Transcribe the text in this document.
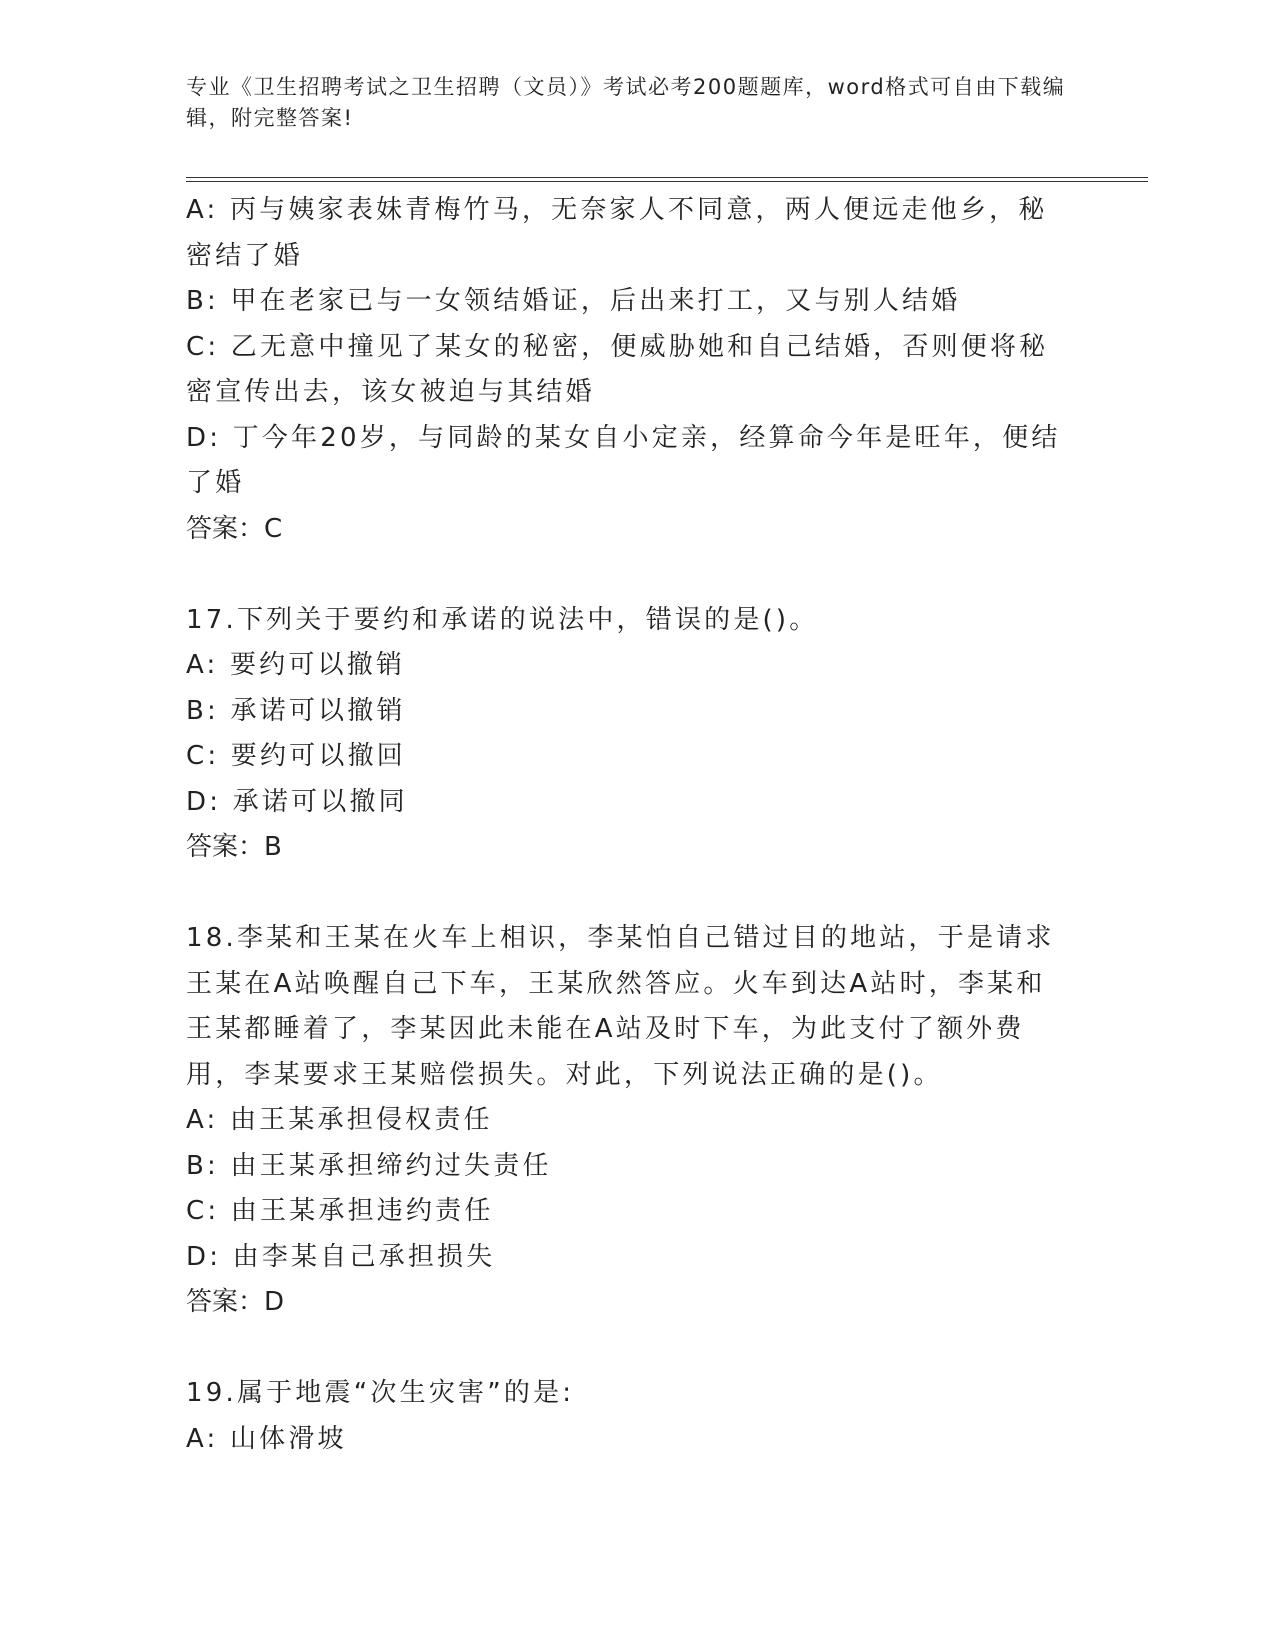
专业《卫生招聘考试之卫生招聘（文员）》考试必考200题题库，word格式可自由下载编辑，附完整答案!
A: 丙与姨家表妹青梅竹马，无奈家人不同意，两人便远走他乡，秘密结了婚
B: 甲在老家已与一女领结婚证，后出来打工，又与别人结婚
C: 乙无意中撞见了某女的秘密，便威胁她和自己结婚，否则便将秘密宣传出去，该女被迫与其结婚
D: 丁今年20岁，与同龄的某女自小定亲，经算命今年是旺年，便结了婚
答案：C
17.下列关于要约和承诺的说法中，错误的是()。
A: 要约可以撤销
B: 承诺可以撤销
C: 要约可以撤回
D: 承诺可以撤同
答案：B
18.李某和王某在火车上相识，李某怕自己错过目的地站，于是请求王某在A站唤醒自己下车，王某欣然答应。火车到达A站时，李某和王某都睡着了，李某因此未能在A站及时下车，为此支付了额外费用，李某要求王某赔偿损失。对此，下列说法正确的是()。
A: 由王某承担侵权责任
B: 由王某承担缔约过失责任
C: 由王某承担违约责任
D: 由李某自己承担损失
答案：D
19.属于地震“次生灾害”的是:
A: 山体滑坡
